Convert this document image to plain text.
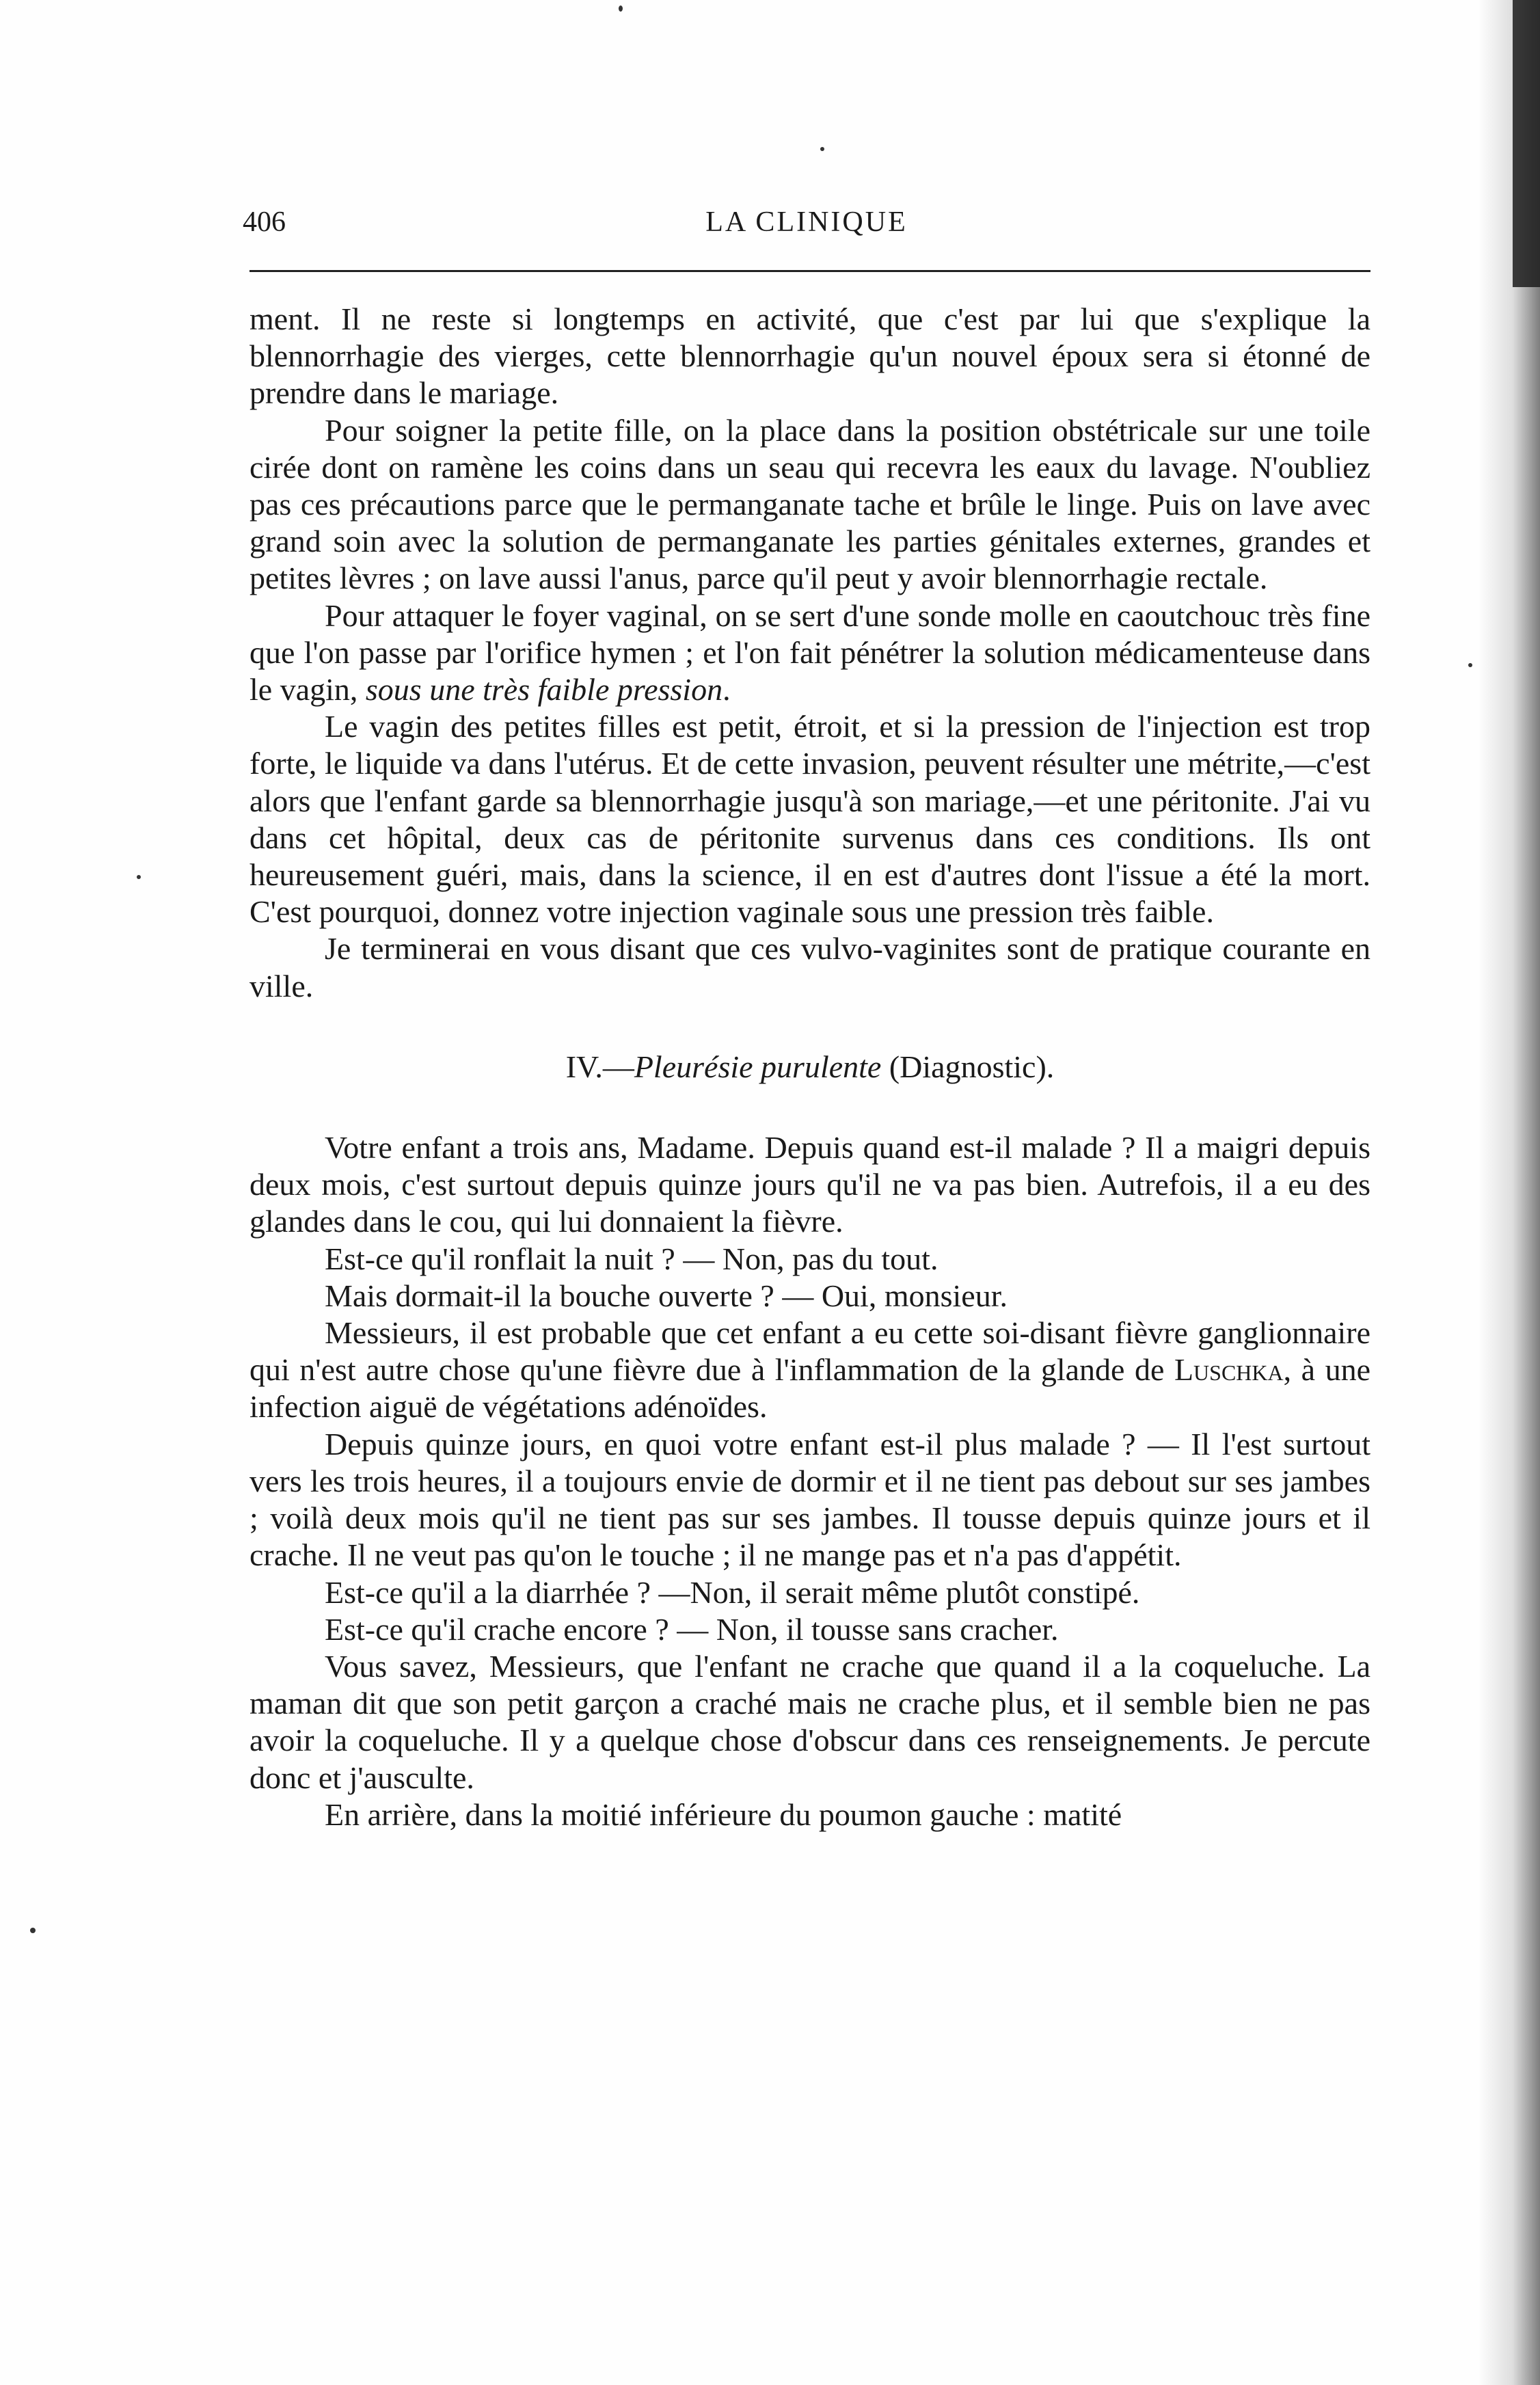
406	LA CLINIQUE

ment. Il ne reste si longtemps en activité, que c'est par lui que s'explique la blennorrhagie des vierges, cette blennorrhagie qu'un nouvel époux sera si étonné de prendre dans le mariage.

Pour soigner la petite fille, on la place dans la position obstétricale sur une toile cirée dont on ramène les coins dans un seau qui recevra les eaux du lavage. N'oubliez pas ces précautions parce que le permanganate tache et brûle le linge. Puis on lave avec grand soin avec la solution de permanganate les parties génitales externes, grandes et petites lèvres ; on lave aussi l'anus, parce qu'il peut y avoir blennorrhagie rectale.

Pour attaquer le foyer vaginal, on se sert d'une sonde molle en caoutchouc très fine que l'on passe par l'orifice hymen ; et l'on fait pénétrer la solution médicamenteuse dans le vagin, sous une très faible pression.

Le vagin des petites filles est petit, étroit, et si la pression de l'injection est trop forte, le liquide va dans l'utérus. Et de cette invasion, peuvent résulter une métrite,—c'est alors que l'enfant garde sa blennorrhagie jusqu'à son mariage,—et une péritonite. J'ai vu dans cet hôpital, deux cas de péritonite survenus dans ces conditions. Ils ont heureusement guéri, mais, dans la science, il en est d'autres dont l'issue a été la mort. C'est pourquoi, donnez votre injection vaginale sous une pression très faible.

Je terminerai en vous disant que ces vulvo-vaginites sont de pratique courante en ville.

IV.—Pleurésie purulente (Diagnostic).

Votre enfant a trois ans, Madame. Depuis quand est-il malade ? Il a maigri depuis deux mois, c'est surtout depuis quinze jours qu'il ne va pas bien. Autrefois, il a eu des glandes dans le cou, qui lui donnaient la fièvre.

Est-ce qu'il ronflait la nuit ? — Non, pas du tout.

Mais dormait-il la bouche ouverte ? — Oui, monsieur.

Messieurs, il est probable que cet enfant a eu cette soi-disant fièvre ganglionnaire qui n'est autre chose qu'une fièvre due à l'inflammation de la glande de Luschka, à une infection aiguë de végétations adénoïdes.

Depuis quinze jours, en quoi votre enfant est-il plus malade ? — Il l'est surtout vers les trois heures, il a toujours envie de dormir et il ne tient pas debout sur ses jambes ; voilà deux mois qu'il ne tient pas sur ses jambes. Il tousse depuis quinze jours et il crache. Il ne veut pas qu'on le touche ; il ne mange pas et n'a pas d'appétit.

Est-ce qu'il a la diarrhée ? —Non, il serait même plutôt constipé.

Est-ce qu'il crache encore ? — Non, il tousse sans cracher.

Vous savez, Messieurs, que l'enfant ne crache que quand il a la coqueluche. La maman dit que son petit garçon a craché mais ne crache plus, et il semble bien ne pas avoir la coqueluche. Il y a quelque chose d'obscur dans ces renseignements. Je percute donc et j'ausculte.

En arrière, dans la moitié inférieure du poumon gauche : matité
